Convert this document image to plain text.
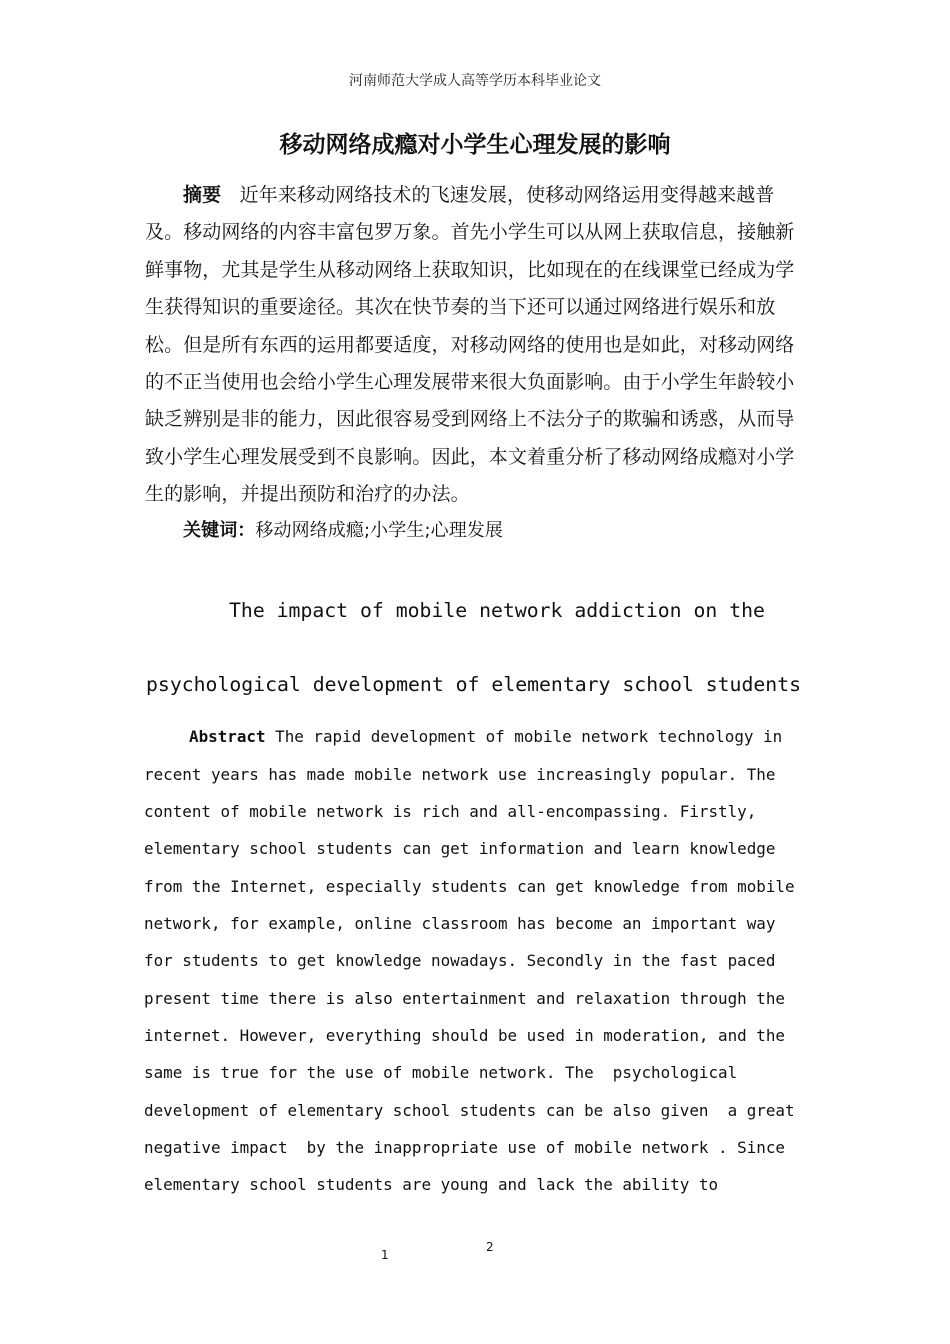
河南师范大学成人高等学历本科毕业论文
移动网络成瘾对小学生心理发展的影响
摘要 近年来移动网络技术的飞速发展，使移动网络运用变得越来越普
及。移动网络的内容丰富包罗万象。首先小学生可以从网上获取信息，接触新
鲜事物，尤其是学生从移动网络上获取知识，比如现在的在线课堂已经成为学
生获得知识的重要途径。其次在快节奏的当下还可以通过网络进行娱乐和放
松。但是所有东西的运用都要适度，对移动网络的使用也是如此，对移动网络
的不正当使用也会给小学生心理发展带来很大负面影响。由于小学生年龄较小
缺乏辨别是非的能力，因此很容易受到网络上不法分子的欺骗和诱惑，从而导
致小学生心理发展受到不良影响。因此，本文着重分析了移动网络成瘾对小学
生的影响，并提出预防和治疗的办法。
关键词：移动网络成瘾;小学生;心理发展
The impact of mobile network addiction on the
psychological development of elementary school students
Abstract The rapid development of mobile network technology in
recent years has made mobile network use increasingly popular. The
content of mobile network is rich and all-encompassing. Firstly,
elementary school students can get information and learn knowledge
from the Internet, especially students can get knowledge from mobile
network, for example, online classroom has become an important way
for students to get knowledge nowadays. Secondly in the fast paced
present time there is also entertainment and relaxation through the
internet. However, everything should be used in moderation, and the
same is true for the use of mobile network. The  psychological
development of elementary school students can be also given  a great
negative impact  by the inappropriate use of mobile network . Since
elementary school students are young and lack the ability to
1
2
